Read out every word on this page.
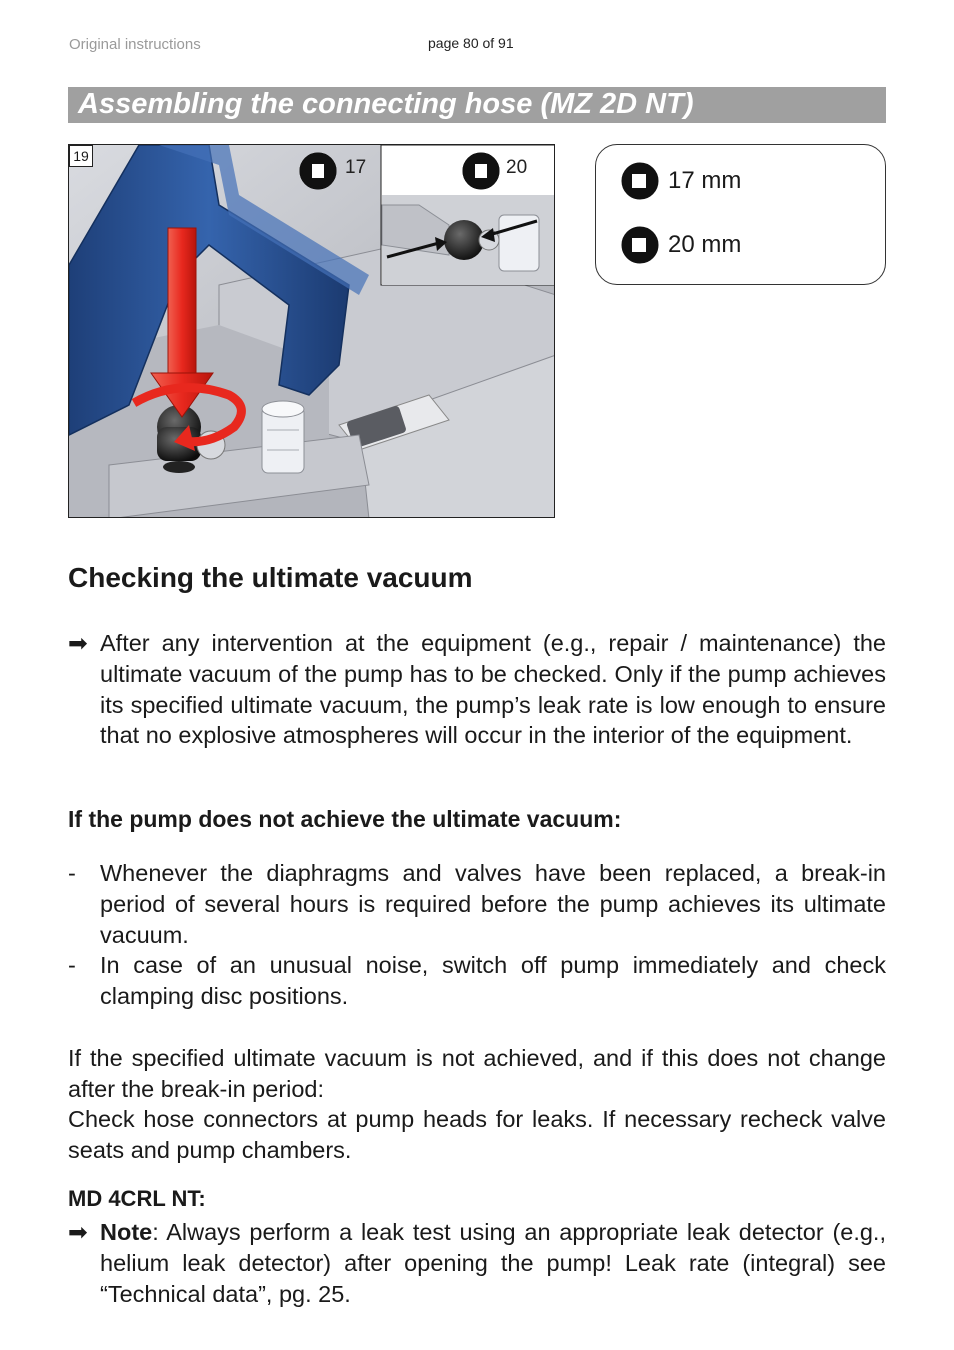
Original instructions	page 80 of 91
Assembling the connecting hose (MZ 2D NT)
19
17	20	17 mm
20 mm
Checking the ultimate vacuum
➡ After any intervention at the equipment (e.g., repair / maintenance) the ultimate vacuum of the pump has to be checked. Only if the pump achieves its specified ultimate vacuum, the pump’s leak rate is low enough to ensure that no explosive atmospheres will occur in the interior of the equipment.
If the pump does not achieve the ultimate vacuum:
- Whenever the diaphragms and valves have been replaced, a break-in period of several hours is required before the pump achieves its ultimate vacuum.
- In case of an unusual noise, switch off pump immediately and check clamping disc positions.
If the specified ultimate vacuum is not achieved, and if this does not change after the break-in period:
Check hose connectors at pump heads for leaks. If necessary recheck valve seats and pump chambers.
MD 4CRL NT:
➡ Note: Always perform a leak test using an appropriate leak detector (e.g., helium leak detector) after opening the pump! Leak rate (integral) see “Technical data”, pg. 25.
